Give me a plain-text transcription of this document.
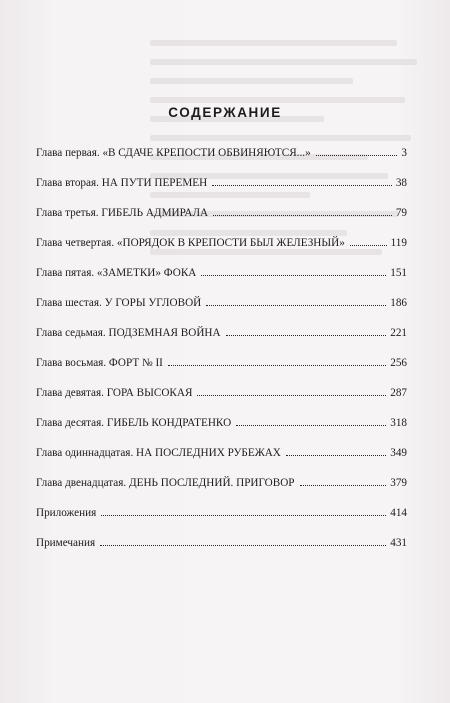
СОДЕРЖАНИЕ
Глава первая. «В СДАЧЕ КРЕПОСТИ ОБВИНЯЮТСЯ...»	3
Глава вторая. НА ПУТИ ПЕРЕМЕН	38
Глава третья. ГИБЕЛЬ АДМИРАЛА	79
Глава четвертая. «ПОРЯДОК В КРЕПОСТИ БЫЛ ЖЕЛЕЗНЫЙ»	119
Глава пятая. «ЗАМЕТКИ» ФОКА	151
Глава шестая. У ГОРЫ УГЛОВОЙ	186
Глава седьмая. ПОДЗЕМНАЯ ВОЙНА	221
Глава восьмая. ФОРТ № II	256
Глава девятая. ГОРА ВЫСОКАЯ	287
Глава десятая. ГИБЕЛЬ КОНДРАТЕНКО	318
Глава одиннадцатая. НА ПОСЛЕДНИХ РУБЕЖАХ	349
Глава двенадцатая. ДЕНЬ ПОСЛЕДНИЙ. ПРИГОВОР	379
Приложения	414
Примечания	431
